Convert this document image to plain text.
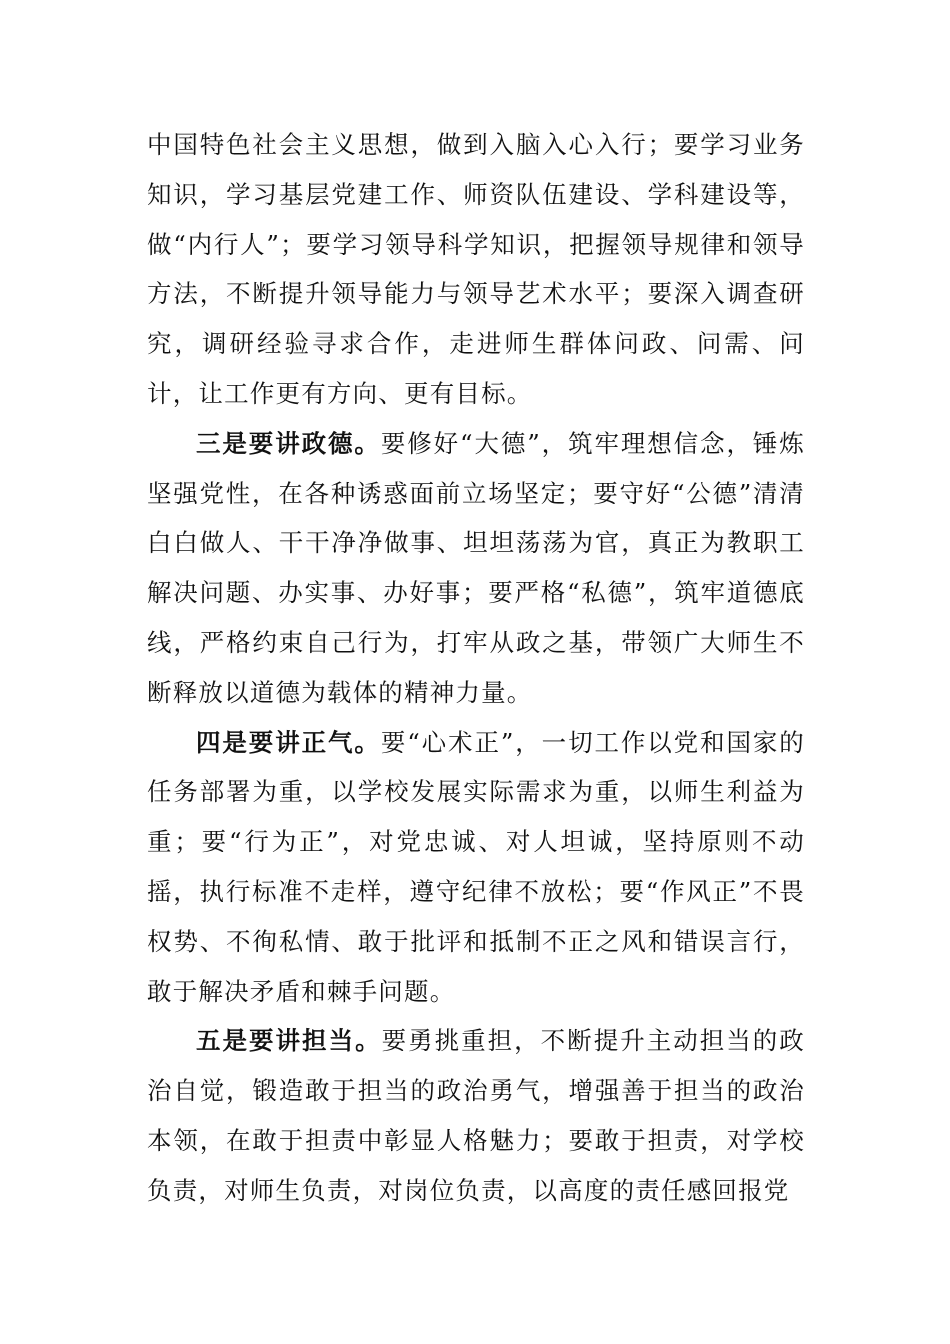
中国特色社会主义思想，做到入脑入心入行；要学习业务知识，学习基层党建工作、师资队伍建设、学科建设等，做“内行人”；要学习领导科学知识，把握领导规律和领导方法，不断提升领导能力与领导艺术水平；要深入调查研究，调研经验寻求合作，走进师生群体问政、问需、问计，让工作更有方向、更有目标。

三是要讲政德。要修好“大德”，筑牢理想信念，锤炼坚强党性，在各种诱惑面前立场坚定；要守好“公德”清清白白做人、干干净净做事、坦坦荡荡为官，真正为教职工解决问题、办实事、办好事；要严格“私德”，筑牢道德底线，严格约束自己行为，打牢从政之基，带领广大师生不断释放以道德为载体的精神力量。

四是要讲正气。要“心术正”，一切工作以党和国家的任务部署为重，以学校发展实际需求为重，以师生利益为重；要“行为正”，对党忠诚、对人坦诚，坚持原则不动摇，执行标准不走样，遵守纪律不放松；要“作风正”不畏权势、不徇私情、敢于批评和抵制不正之风和错误言行，敢于解决矛盾和棘手问题。

五是要讲担当。要勇挑重担，不断提升主动担当的政治自觉，锻造敢于担当的政治勇气，增强善于担当的政治本领，在敢于担责中彰显人格魅力；要敢于担责，对学校负责，对师生负责，对岗位负责，以高度的责任感回报党
